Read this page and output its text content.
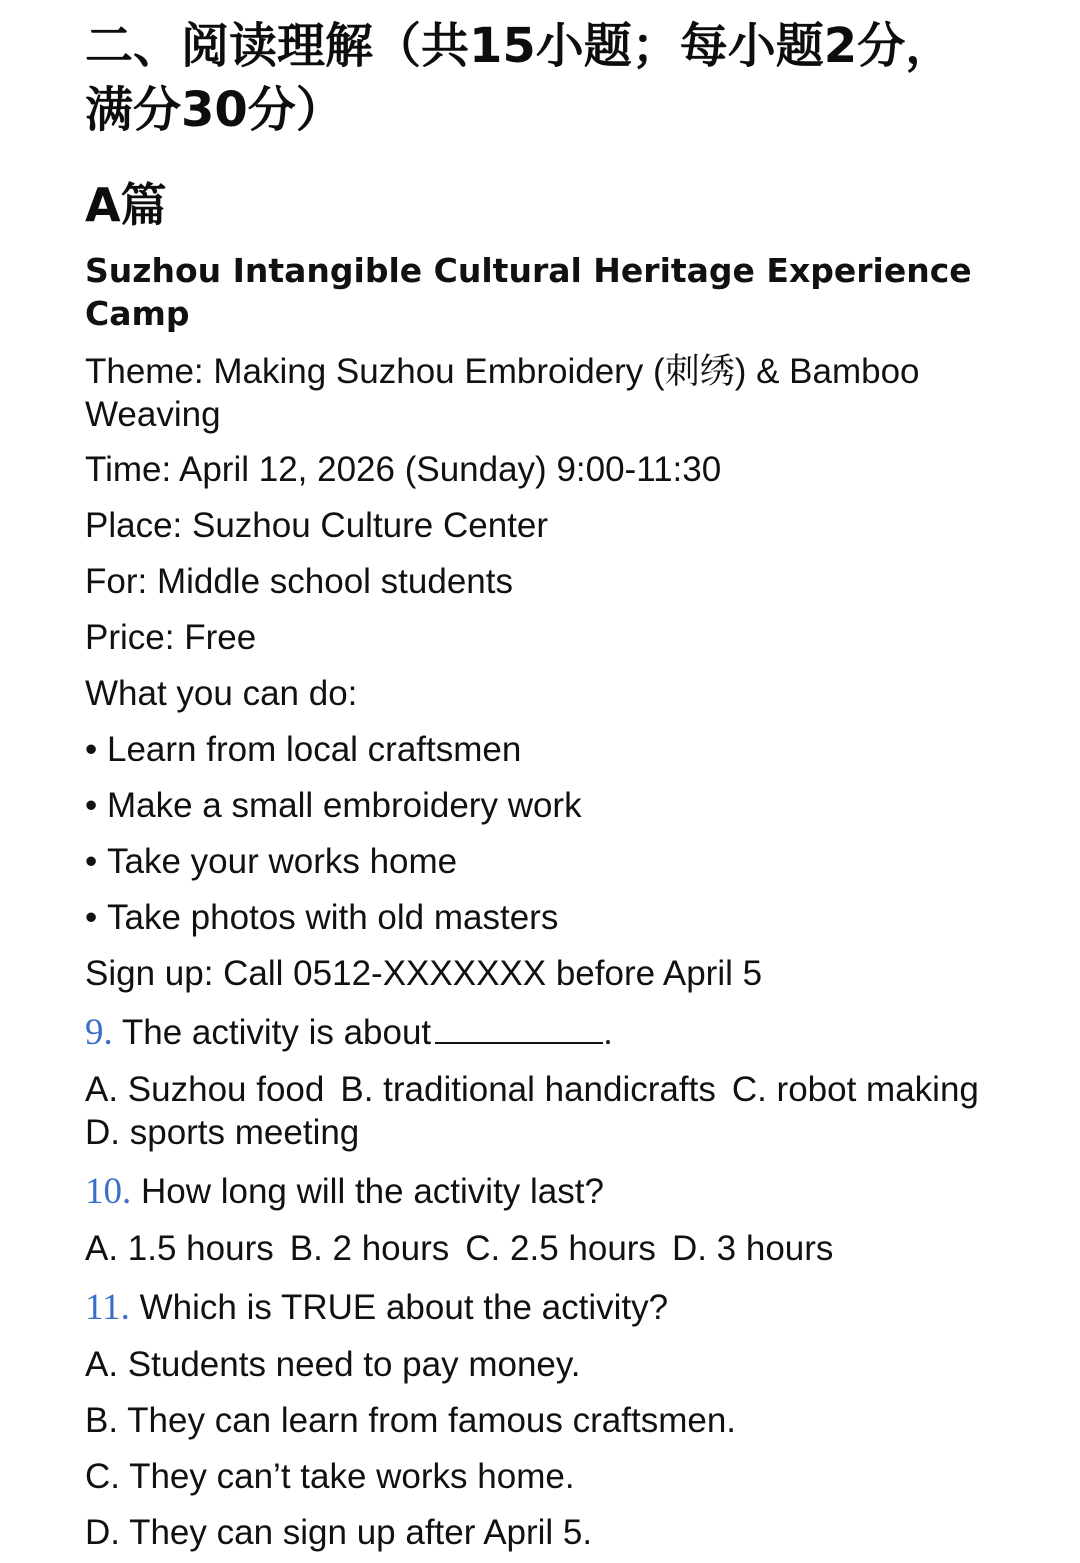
二、阅读理解（共15小题；每小题2分，满分30分）
A篇
Suzhou Intangible Cultural Heritage Experience Camp

Theme: Making Suzhou Embroidery (刺绣) & Bamboo Weaving

Time: April 12, 2026 (Sunday) 9:00-11:30

Place: Suzhou Culture Center

For: Middle school students

Price: Free

What you can do:

• Learn from local craftsmen

• Make a small embroidery work

• Take your works home

• Take photos with old masters

Sign up: Call 0512-XXXXXXX before April 5

9. The activity is about	.

A. Suzhou food B. traditional handicrafts C. robot makingD. sports meeting

10. How long will the activity last?

A. 1.5 hours B. 2 hours C. 2.5 hours D. 3 hours

11. Which is TRUE about the activity?

A. Students need to pay money.

B. They can learn from famous craftsmen.

C. They can’t take works home.

D. They can sign up after April 5.
